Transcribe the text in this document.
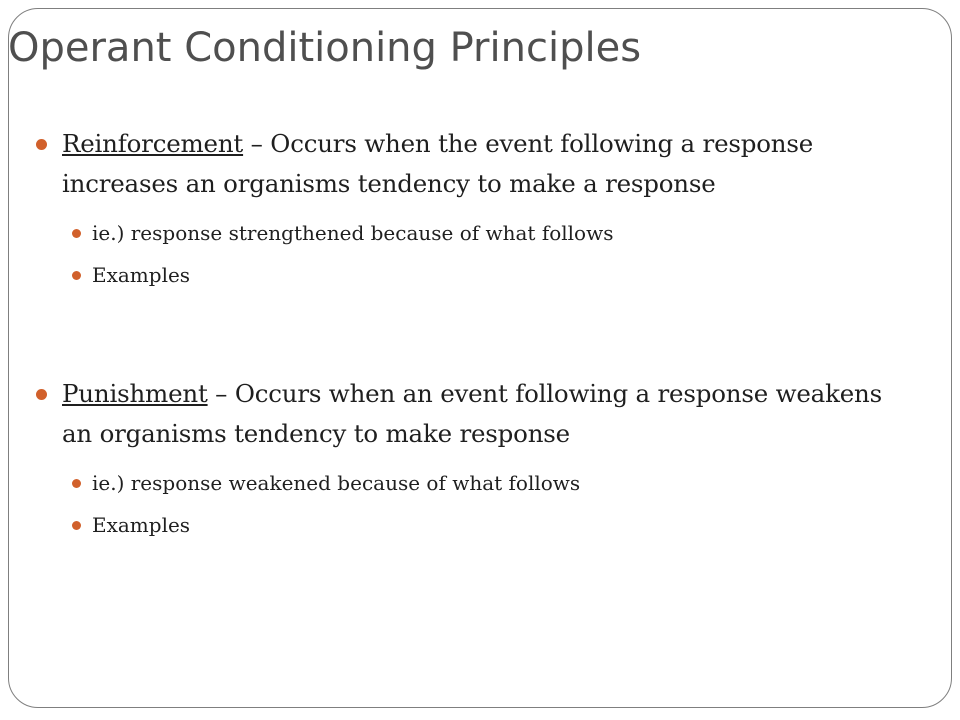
Operant Conditioning Principles
Reinforcement – Occurs when the event following a response increases an organisms tendency to make a response
ie.) response strengthened because of what follows
Examples
Punishment – Occurs when an event following a response weakens an organisms tendency to make response
ie.) response weakened because of what follows
Examples
